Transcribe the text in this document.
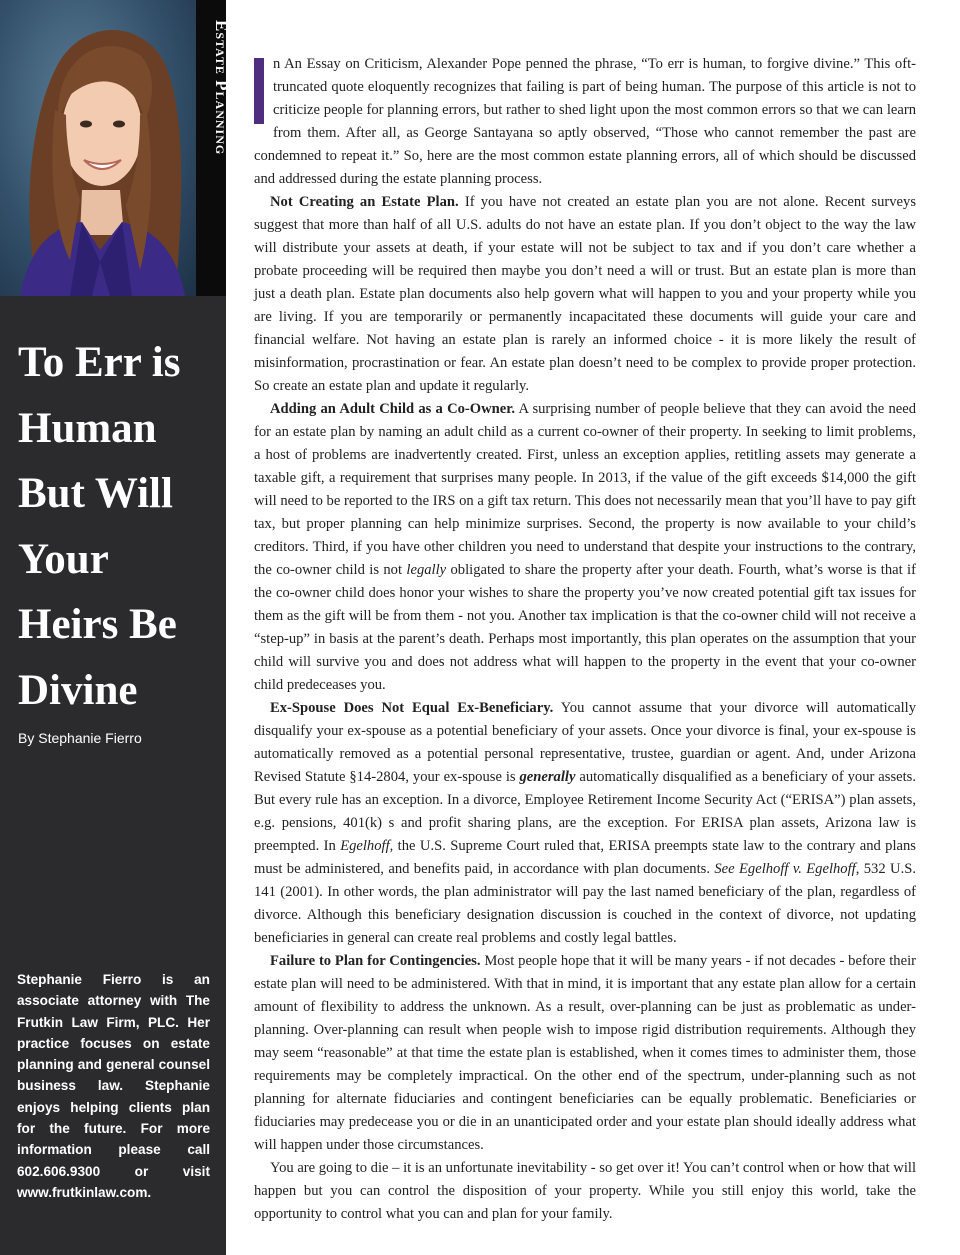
Estate Planning
To Err is
Human
But Will
Your
Heirs Be
Divine
By Stephanie Fierro

Stephanie Fierro is an associate attorney with The Frutkin Law Firm, PLC. Her practice focuses on estate planning and general counsel business law. Stephanie enjoys helping clients plan for the future. For more information please call 602.606.9300 or visit www.frutkinlaw.com.

n An Essay on Criticism, Alexander Pope penned the phrase, “To err is human, to forgive divine.” This oft-truncated quote eloquently recognizes that failing is part of being human. The purpose of this article is not to criticize people for planning errors, but rather to shed light upon the most common errors so that we can learn from them. After all, as George Santayana so aptly observed, “Those who cannot remember the past are condemned to repeat it.” So, here are the most common estate planning errors, all of which should be discussed and addressed during the estate planning process.

Not Creating an Estate Plan. If you have not created an estate plan you are not alone. Recent surveys suggest that more than half of all U.S. adults do not have an estate plan. If you don’t object to the way the law will distribute your assets at death, if your estate will not be subject to tax and if you don’t care whether a probate proceeding will be required then maybe you don’t need a will or trust. But an estate plan is more than just a death plan. Estate plan documents also help govern what will happen to you and your property while you are living. If you are temporarily or permanently incapacitated these documents will guide your care and financial welfare. Not having an estate plan is rarely an informed choice - it is more likely the result of misinformation, procrastination or fear. An estate plan doesn’t need to be complex to provide proper protection. So create an estate plan and update it regularly.

Adding an Adult Child as a Co-Owner. A surprising number of people believe that they can avoid the need for an estate plan by naming an adult child as a current co-owner of their property. In seeking to limit problems, a host of problems are inadvertently created. First, unless an exception applies, retitling assets may generate a taxable gift, a requirement that surprises many people. In 2013, if the value of the gift exceeds $14,000 the gift will need to be reported to the IRS on a gift tax return. This does not necessarily mean that you’ll have to pay gift tax, but proper planning can help minimize surprises. Second, the property is now available to your child’s creditors. Third, if you have other children you need to understand that despite your instructions to the contrary, the co-owner child is not legally obligated to share the property after your death. Fourth, what’s worse is that if the co-owner child does honor your wishes to share the property you’ve now created potential gift tax issues for them as the gift will be from them - not you. Another tax implication is that the co-owner child will not receive a “step-up” in basis at the parent’s death. Perhaps most importantly, this plan operates on the assumption that your child will survive you and does not address what will happen to the property in the event that your co-owner child predeceases you.

Ex-Spouse Does Not Equal Ex-Beneficiary. You cannot assume that your divorce will automatically disqualify your ex-spouse as a potential beneficiary of your assets. Once your divorce is final, your ex-spouse is automatically removed as a potential personal representative, trustee, guardian or agent. And, under Arizona Revised Statute §14-2804, your ex-spouse is generally automatically disqualified as a beneficiary of your assets. But every rule has an exception. In a divorce, Employee Retirement Income Security Act (“ERISA”) plan assets, e.g. pensions, 401(k) s and profit sharing plans, are the exception. For ERISA plan assets, Arizona law is preempted. In Egelhoff, the U.S. Supreme Court ruled that, ERISA preempts state law to the contrary and plans must be administered, and benefits paid, in accordance with plan documents. See Egelhoff v. Egelhoff, 532 U.S. 141 (2001). In other words, the plan administrator will pay the last named beneficiary of the plan, regardless of divorce. Although this beneficiary designation discussion is couched in the context of divorce, not updating beneficiaries in general can create real problems and costly legal battles.

Failure to Plan for Contingencies. Most people hope that it will be many years - if not decades - before their estate plan will need to be administered. With that in mind, it is important that any estate plan allow for a certain amount of flexibility to address the unknown. As a result, over-planning can be just as problematic as under-planning. Over-planning can result when people wish to impose rigid distribution requirements. Although they may seem “reasonable” at that time the estate plan is established, when it comes times to administer them, those requirements may be completely impractical. On the other end of the spectrum, under-planning such as not planning for alternate fiduciaries and contingent beneficiaries can be equally problematic. Beneficiaries or fiduciaries may predecease you or die in an unanticipated order and your estate plan should ideally address what will happen under those circumstances.

You are going to die – it is an unfortunate inevitability - so get over it! You can’t control when or how that will happen but you can control the disposition of your property. While you still enjoy this world, take the opportunity to control what you can and plan for your family.
